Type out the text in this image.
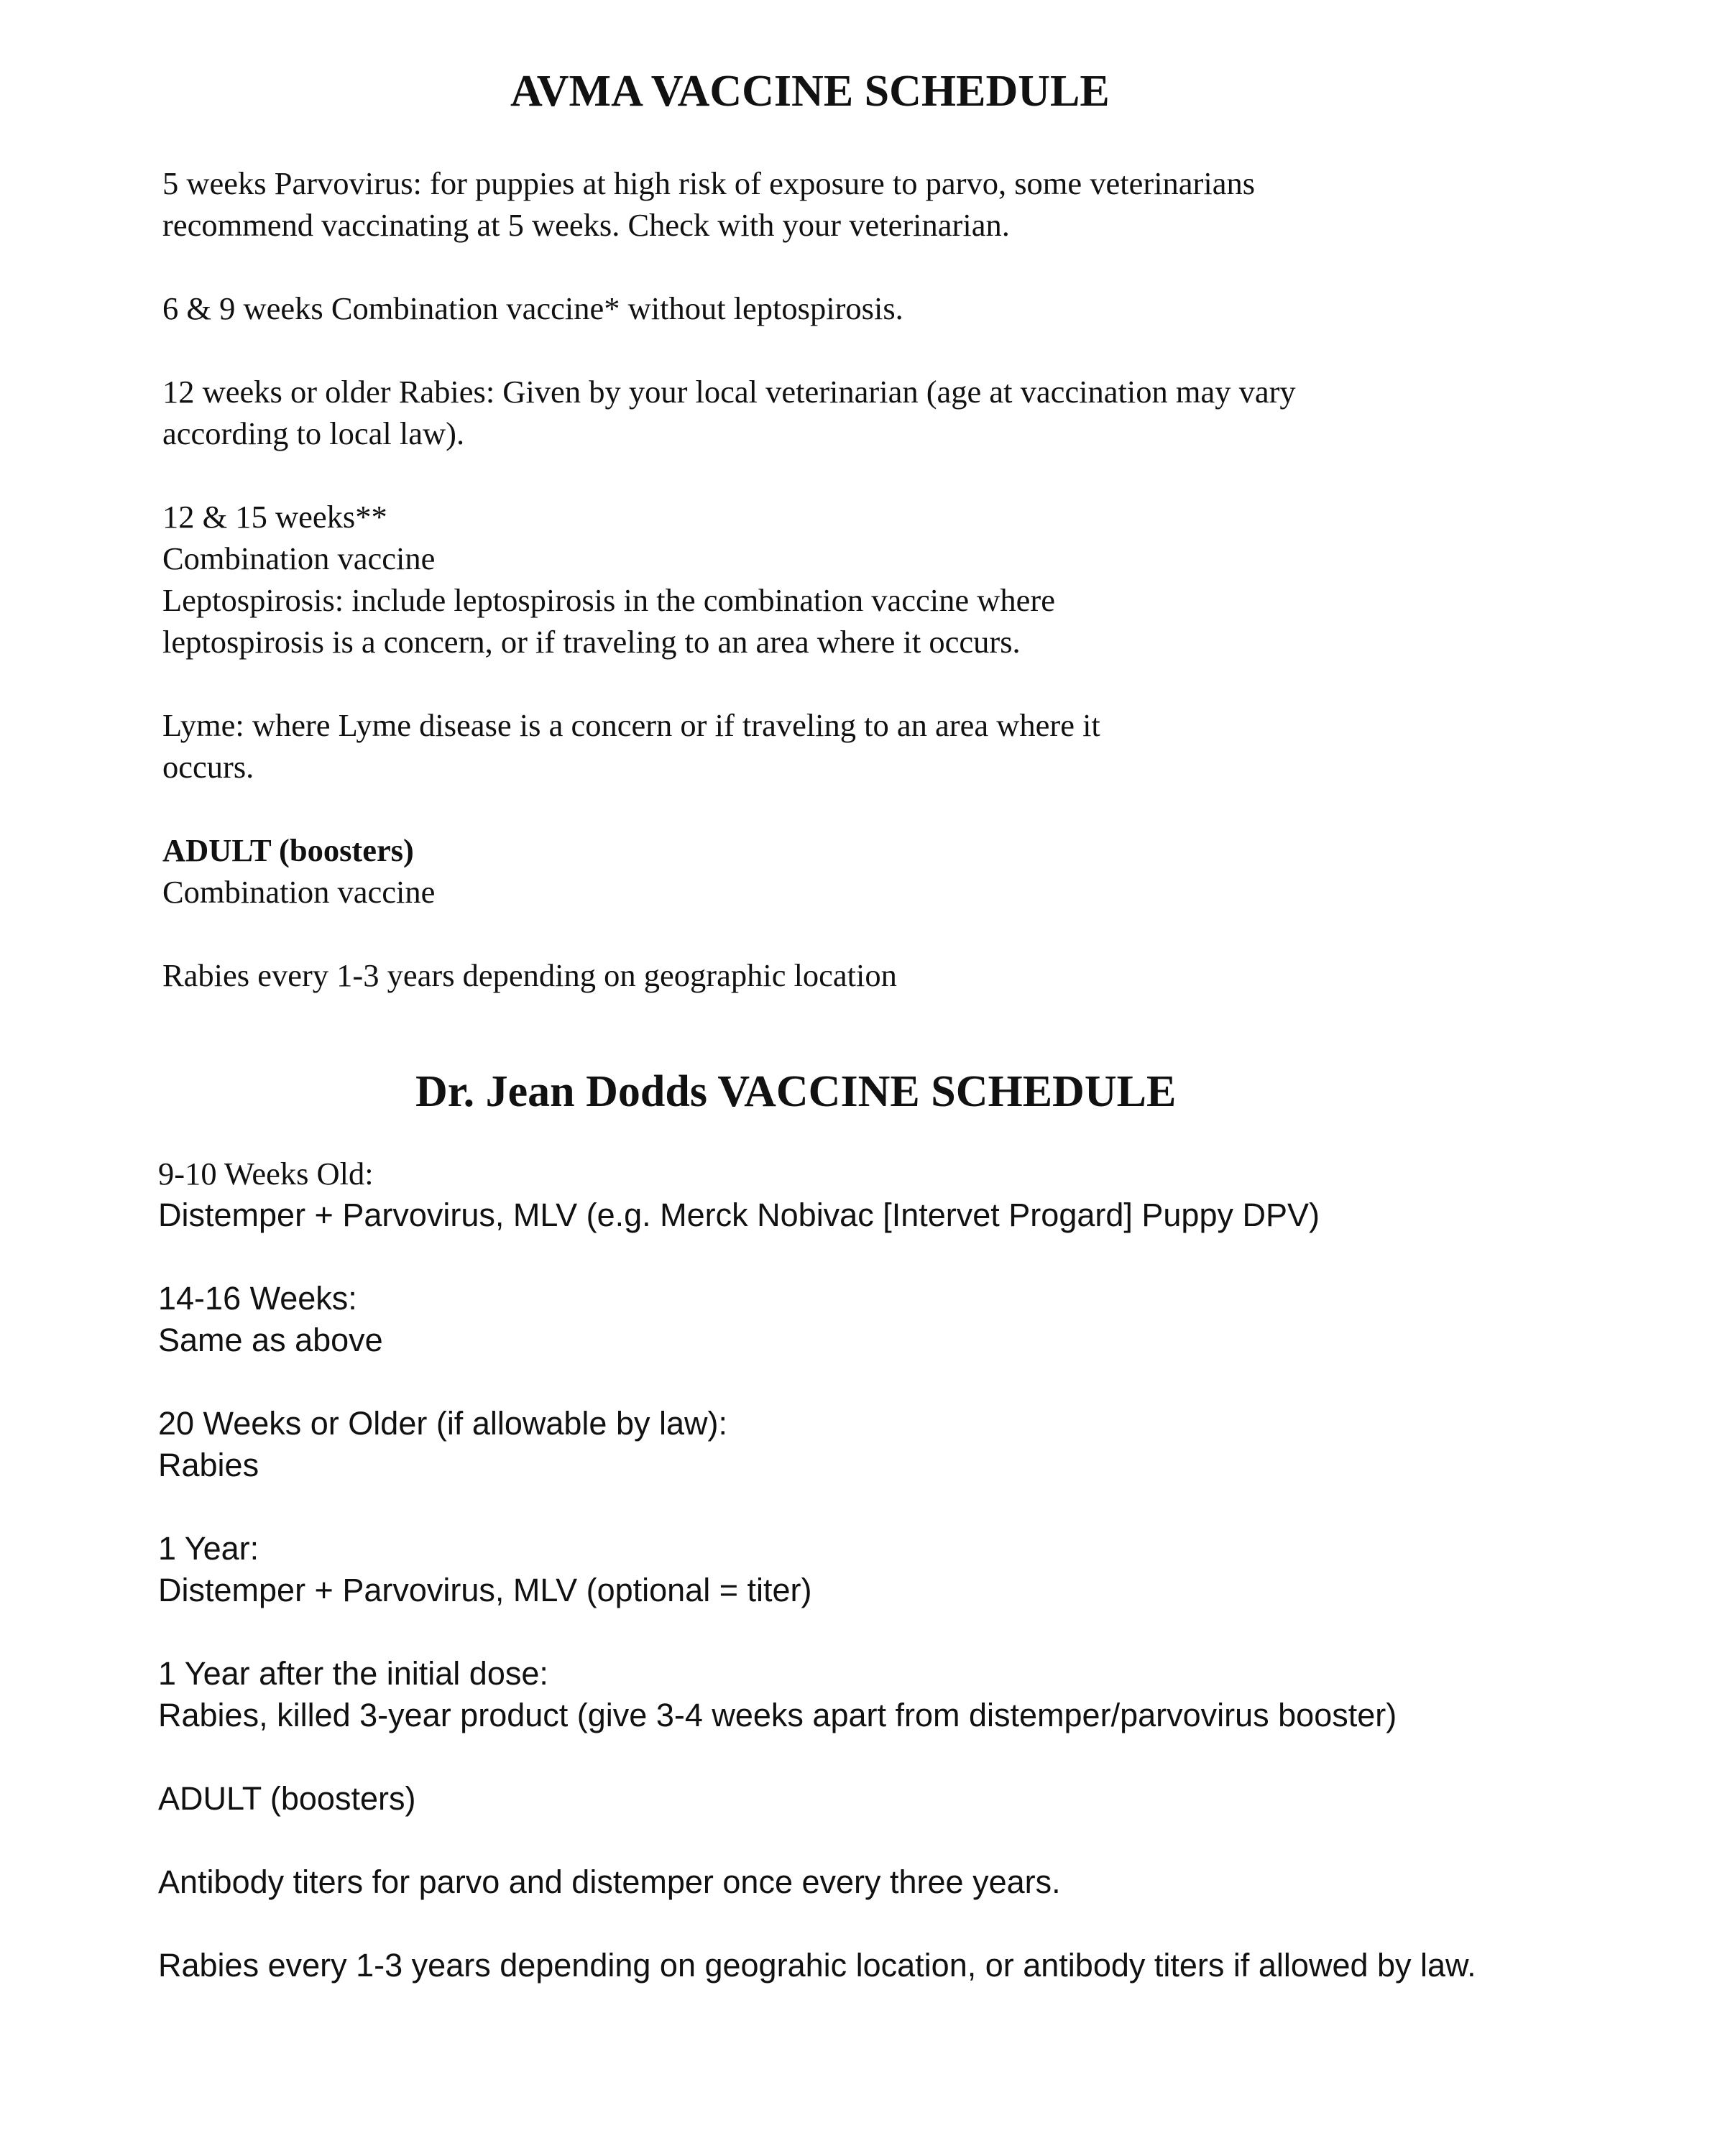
AVMA VACCINE SCHEDULE

5 weeks Parvovirus: for puppies at high risk of exposure to parvo, some veterinarians

recommend vaccinating at 5 weeks. Check with your veterinarian.

6 & 9 weeks Combination vaccine* without leptospirosis.

12 weeks or older Rabies: Given by your local veterinarian (age at vaccination may vary

according to local law).

12 & 15 weeks**

Combination vaccine

Leptospirosis: include leptospirosis in the combination vaccine where

leptospirosis is a concern, or if traveling to an area where it occurs.

Lyme: where Lyme disease is a concern or if traveling to an area where it

occurs.

ADULT (boosters)

Combination vaccine

Rabies every 1-3 years depending on geographic location

Dr. Jean Dodds VACCINE SCHEDULE

9-10 Weeks Old:

Distemper + Parvovirus, MLV (e.g. Merck Nobivac [Intervet Progard] Puppy DPV)

14-16 Weeks:

Same as above

20 Weeks or Older (if allowable by law):

Rabies

1 Year:

Distemper + Parvovirus, MLV (optional = titer)

1 Year after the initial dose:

Rabies, killed 3-year product (give 3-4 weeks apart from distemper/parvovirus booster)

ADULT (boosters)

Antibody titers for parvo and distemper once every three years.

Rabies every 1-3 years depending on geograhic location, or antibody titers if allowed by law.
